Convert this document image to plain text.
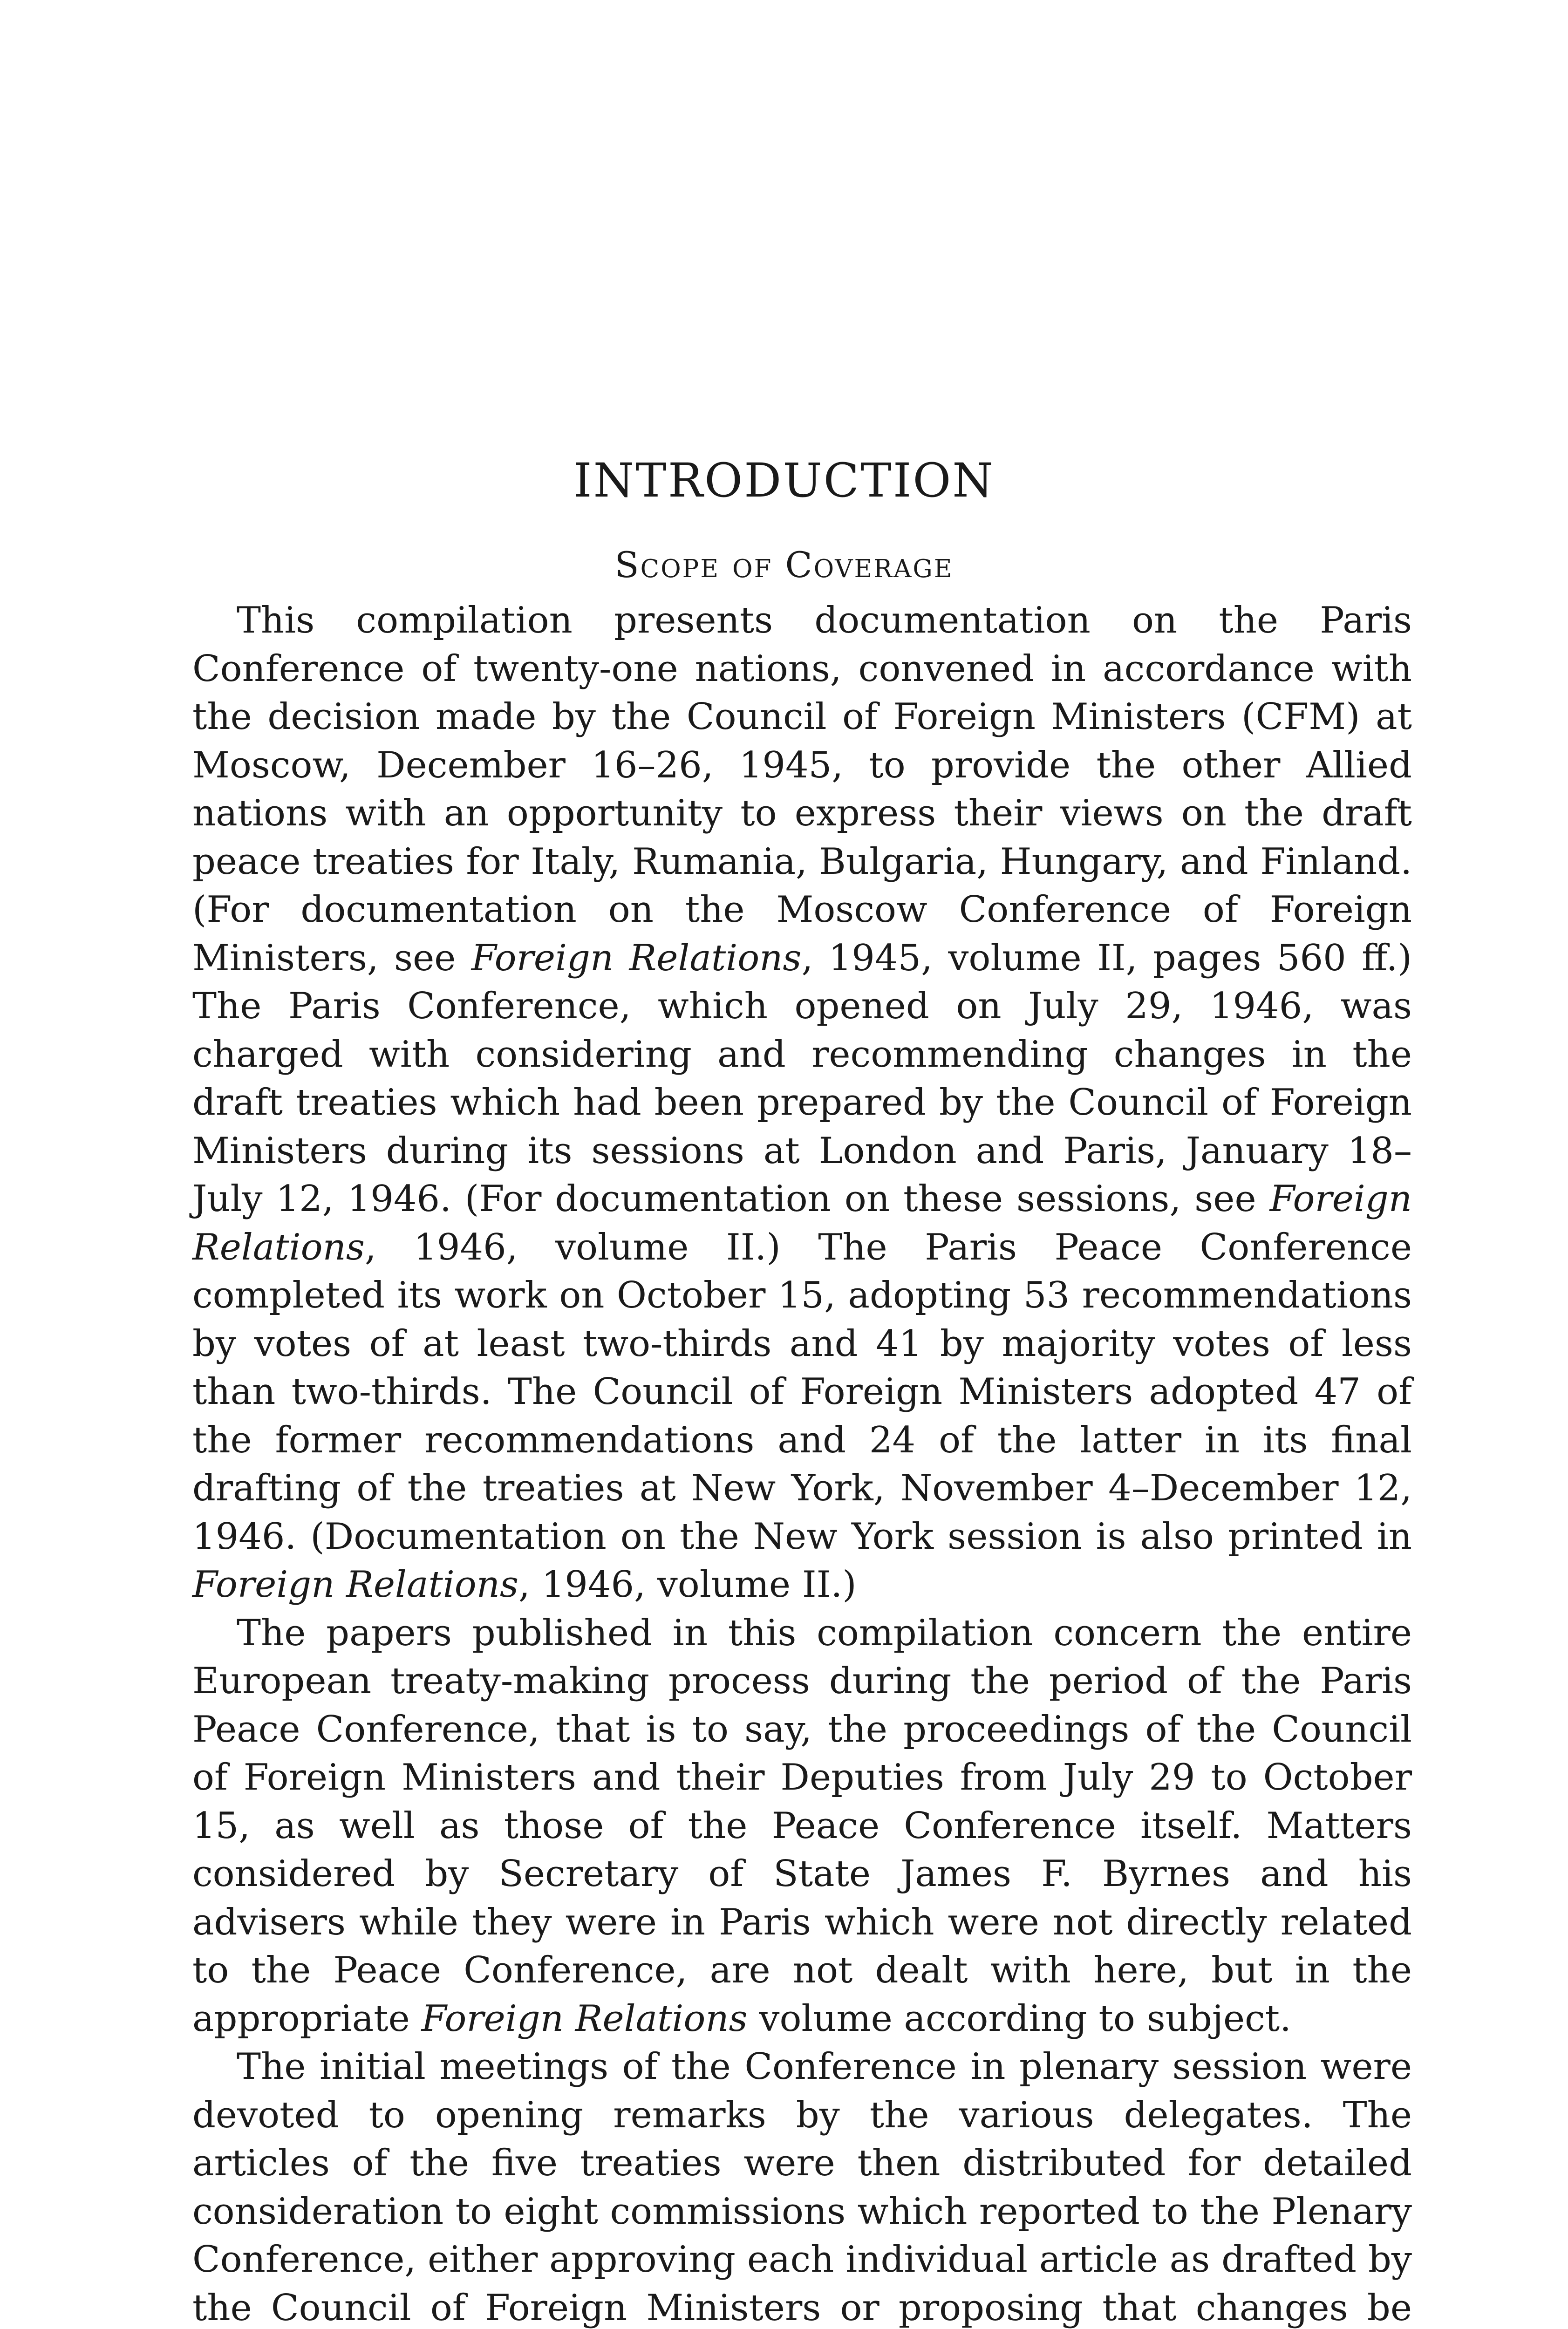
INTRODUCTION
Scope of Coverage

This compilation presents documentation on the Paris Conference of twenty-one nations, convened in accordance with the decision made by the Council of Foreign Ministers (CFM) at Moscow, December 16–26, 1945, to provide the other Allied nations with an opportunity to express their views on the draft peace treaties for Italy, Rumania, Bulgaria, Hungary, and Finland. (For documentation on the Moscow Conference of Foreign Ministers, see Foreign Relations, 1945, volume II, pages 560 ff.) The Paris Conference, which opened on July 29, 1946, was charged with considering and recommending changes in the draft treaties which had been prepared by the Council of Foreign Ministers during its sessions at London and Paris, January 18–July 12, 1946. (For documentation on these sessions, see Foreign Relations, 1946, volume II.) The Paris Peace Conference completed its work on October 15, adopting 53 recommendations by votes of at least two-thirds and 41 by majority votes of less than two-thirds. The Council of Foreign Ministers adopted 47 of the former recommendations and 24 of the latter in its final drafting of the treaties at New York, November 4–December 12, 1946. (Documentation on the New York session is also printed in Foreign Relations, 1946, volume II.)

The papers published in this compilation concern the entire European treaty-making process during the period of the Paris Peace Conference, that is to say, the proceedings of the Council of Foreign Ministers and their Deputies from July 29 to October 15, as well as those of the Peace Conference itself. Matters considered by Secretary of State James F. Byrnes and his advisers while they were in Paris which were not directly related to the Peace Conference, are not dealt with here, but in the appropriate Foreign Relations volume according to subject.

The initial meetings of the Conference in plenary session were devoted to opening remarks by the various delegates. The articles of the five treaties were then distributed for detailed consideration to eight commissions which reported to the Plenary Conference, either approving each individual article as drafted by the Council of Foreign Ministers or proposing that changes be
